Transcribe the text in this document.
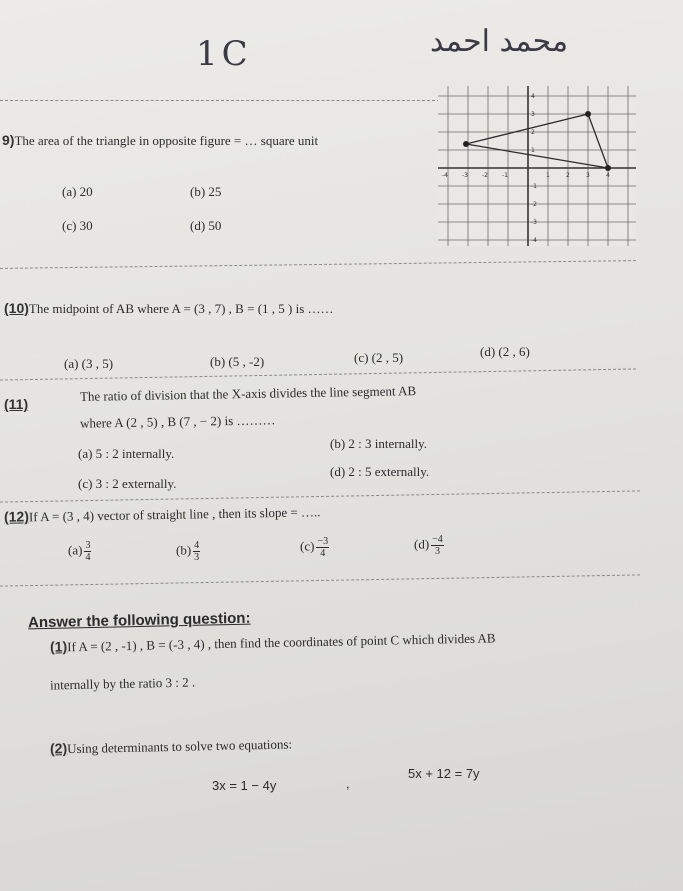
1C	محمد احمد
9)The area of the triangle in opposite figure = … square unit
(a) 20	(b) 25
(c) 30	(d) 50
4
3
2
1
-1
-2
-3
-4
-4 -3 -2 -1	1	2	3	4
(10)The midpoint of AB where A = (3 , 7) , B = (1 , 5 ) is ……
(a) (3 , 5)	(b) (5 , -2)	(c) (2 , 5)	(d) (2 , 6)
(11)
The ratio of division that the X-axis divides the line segment AB
where A (2 , 5) , B (7 , − 2) is ………
(a) 5 : 2 internally.
(b) 2 : 3 internally.
(c) 3 : 2 externally.
(d) 2 : 5 externally.
(12)If A = (3 , 4) vector of straight line , then its slope = …..
$(a) \frac{3}{4}$	$(b) \frac{4}{3}$	$(c) \frac{-3}{4}$	$(d) \frac{-4}{3}$
Answer the following question:
(1)If A = (2 , -1) , B = (-3 , 4) , then find the coordinates of point C which divides AB
internally by the ratio 3 : 2 .
(2)Using determinants to solve two equations:
3x = 1 − 4y	,
5x + 12 = 7y
